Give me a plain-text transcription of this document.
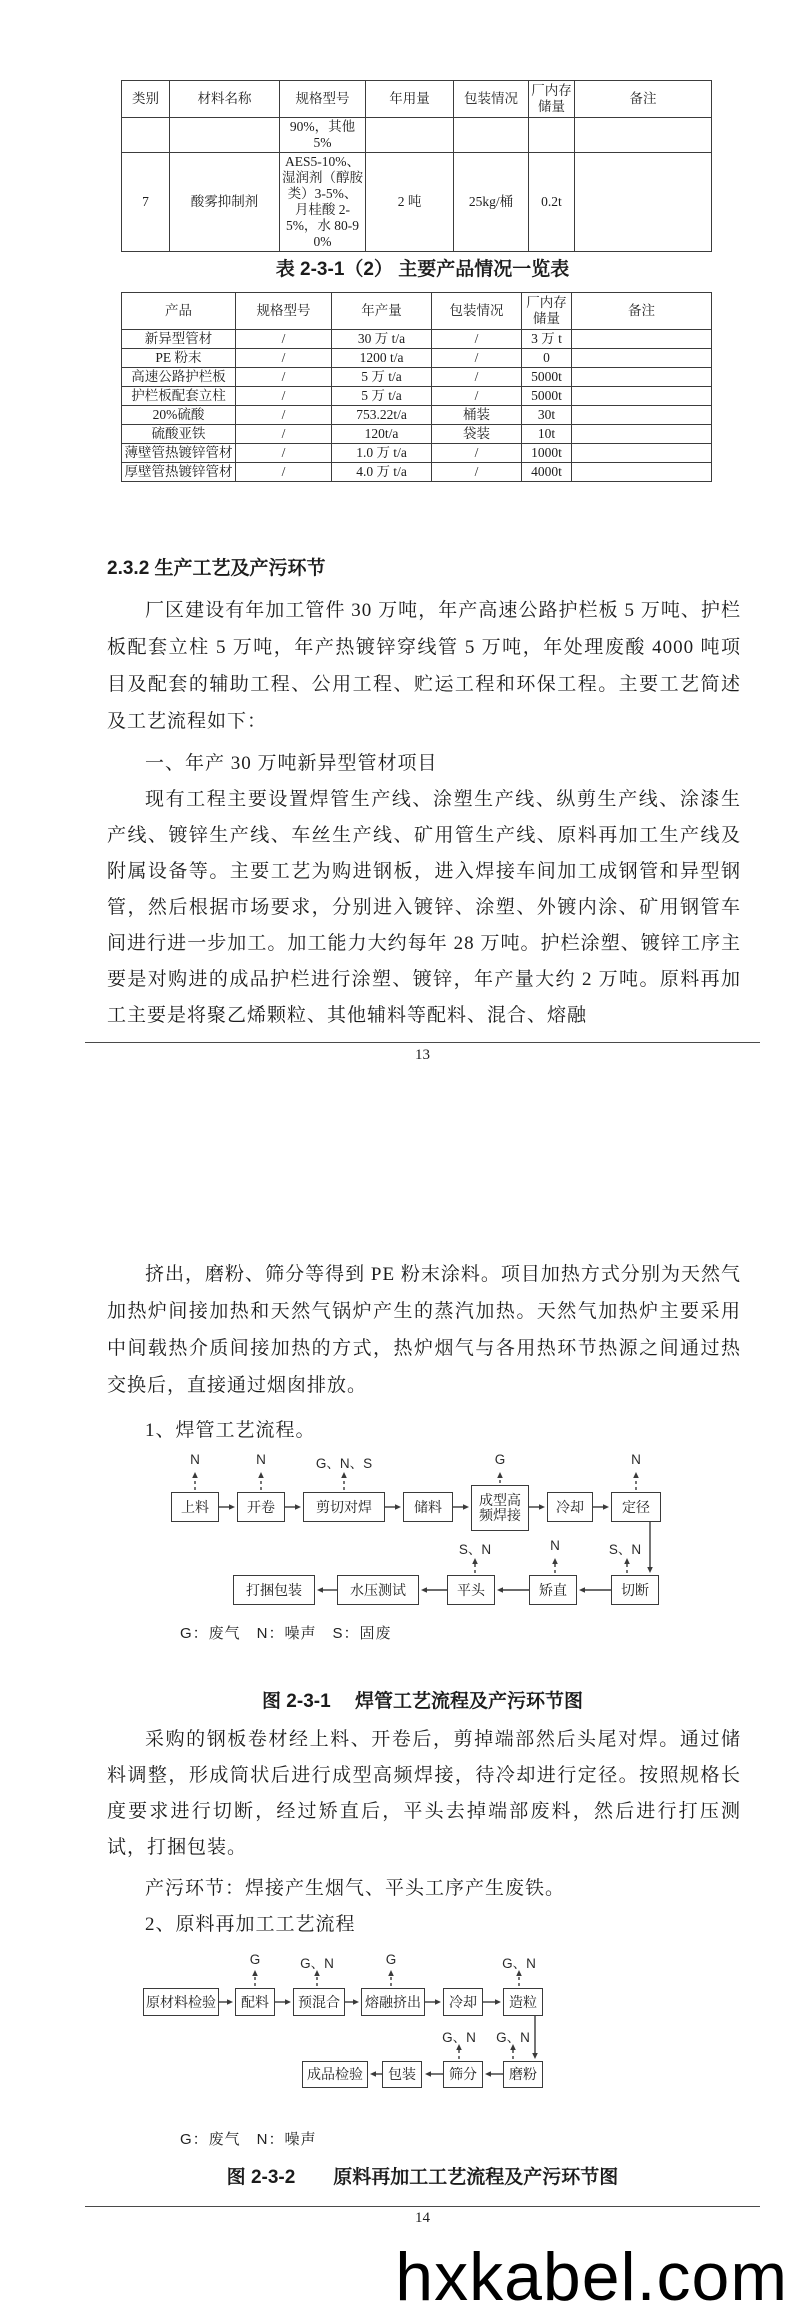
类别	材料名称	规格型号	年用量	包装情况	厂内存储量	备注
		90%，其他 5%				
7	酸雾抑制剂	AES5-10%、湿润剂（醇胺类）3-5%、月桂酸 2-5%，水 80-90%	2 吨	25kg/桶	0.2t	
表 2-3-1（2） 主要产品情况一览表
产品	规格型号	年产量	包装情况	厂内存储量	备注
新异型管材	/	30 万 t/a	/	3 万 t	
PE 粉末	/	1200 t/a	/	0	
高速公路护栏板	/	5 万 t/a	/	5000t	
护栏板配套立柱	/	5 万 t/a	/	5000t	
20%硫酸	/	753.22t/a	桶装	30t	
硫酸亚铁	/	120t/a	袋装	10t	
薄壁管热镀锌管材	/	1.0 万 t/a	/	1000t	
厚壁管热镀锌管材	/	4.0 万 t/a	/	4000t	
2.3.2 生产工艺及产污环节
厂区建设有年加工管件 30 万吨，年产高速公路护栏板 5 万吨、护栏板配套立柱 5 万吨，年产热镀锌穿线管 5 万吨，年处理废酸 4000 吨项目及配套的辅助工程、公用工程、贮运工程和环保工程。主要工艺简述及工艺流程如下：
一、年产 30 万吨新异型管材项目
现有工程主要设置焊管生产线、涂塑生产线、纵剪生产线、涂漆生产线、镀锌生产线、车丝生产线、矿用管生产线、原料再加工生产线及附属设备等。主要工艺为购进钢板，进入焊接车间加工成钢管和异型钢管，然后根据市场要求，分别进入镀锌、涂塑、外镀内涂、矿用钢管车间进行进一步加工。加工能力大约每年 28 万吨。护栏涂塑、镀锌工序主要是对购进的成品护栏进行涂塑、镀锌，年产量大约 2 万吨。原料再加工主要是将聚乙烯颗粒、其他辅料等配料、混合、熔融
13
挤出，磨粉、筛分等得到 PE 粉末涂料。项目加热方式分别为天然气加热炉间接加热和天然气锅炉产生的蒸汽加热。天然气加热炉主要采用中间载热介质间接加热的方式，热炉烟气与各用热环节热源之间通过热交换后，直接通过烟囱排放。
1、焊管工艺流程。
G：废气　N：噪声　S：固废
上料	开卷	剪切对焊	储料	成型高频焊接
冷却	定径
打捆包装	水压测试	平头	矫直	切断
N	N	G、N、S	G	N
S、N	N	S、N
图 2-3-1　 焊管工艺流程及产污环节图
采购的钢板卷材经上料、开卷后，剪掉端部然后头尾对焊。通过储料调整，形成筒状后进行成型高频焊接，待冷却进行定径。按照规格长度要求进行切断，经过矫直后，平头去掉端部废料，然后进行打压测试，打捆包装。
产污环节：焊接产生烟气、平头工序产生废铁。
2、原料再加工工艺流程
G：废气　N：噪声
原材料检验	配料	预混合	熔融挤出	冷却	造粒
成品检验	包装	筛分	磨粉
G	G、N	G	G、N
G、N G、N
图 2-3-2　　原料再加工工艺流程及产污环节图
14
hxkabel.com
